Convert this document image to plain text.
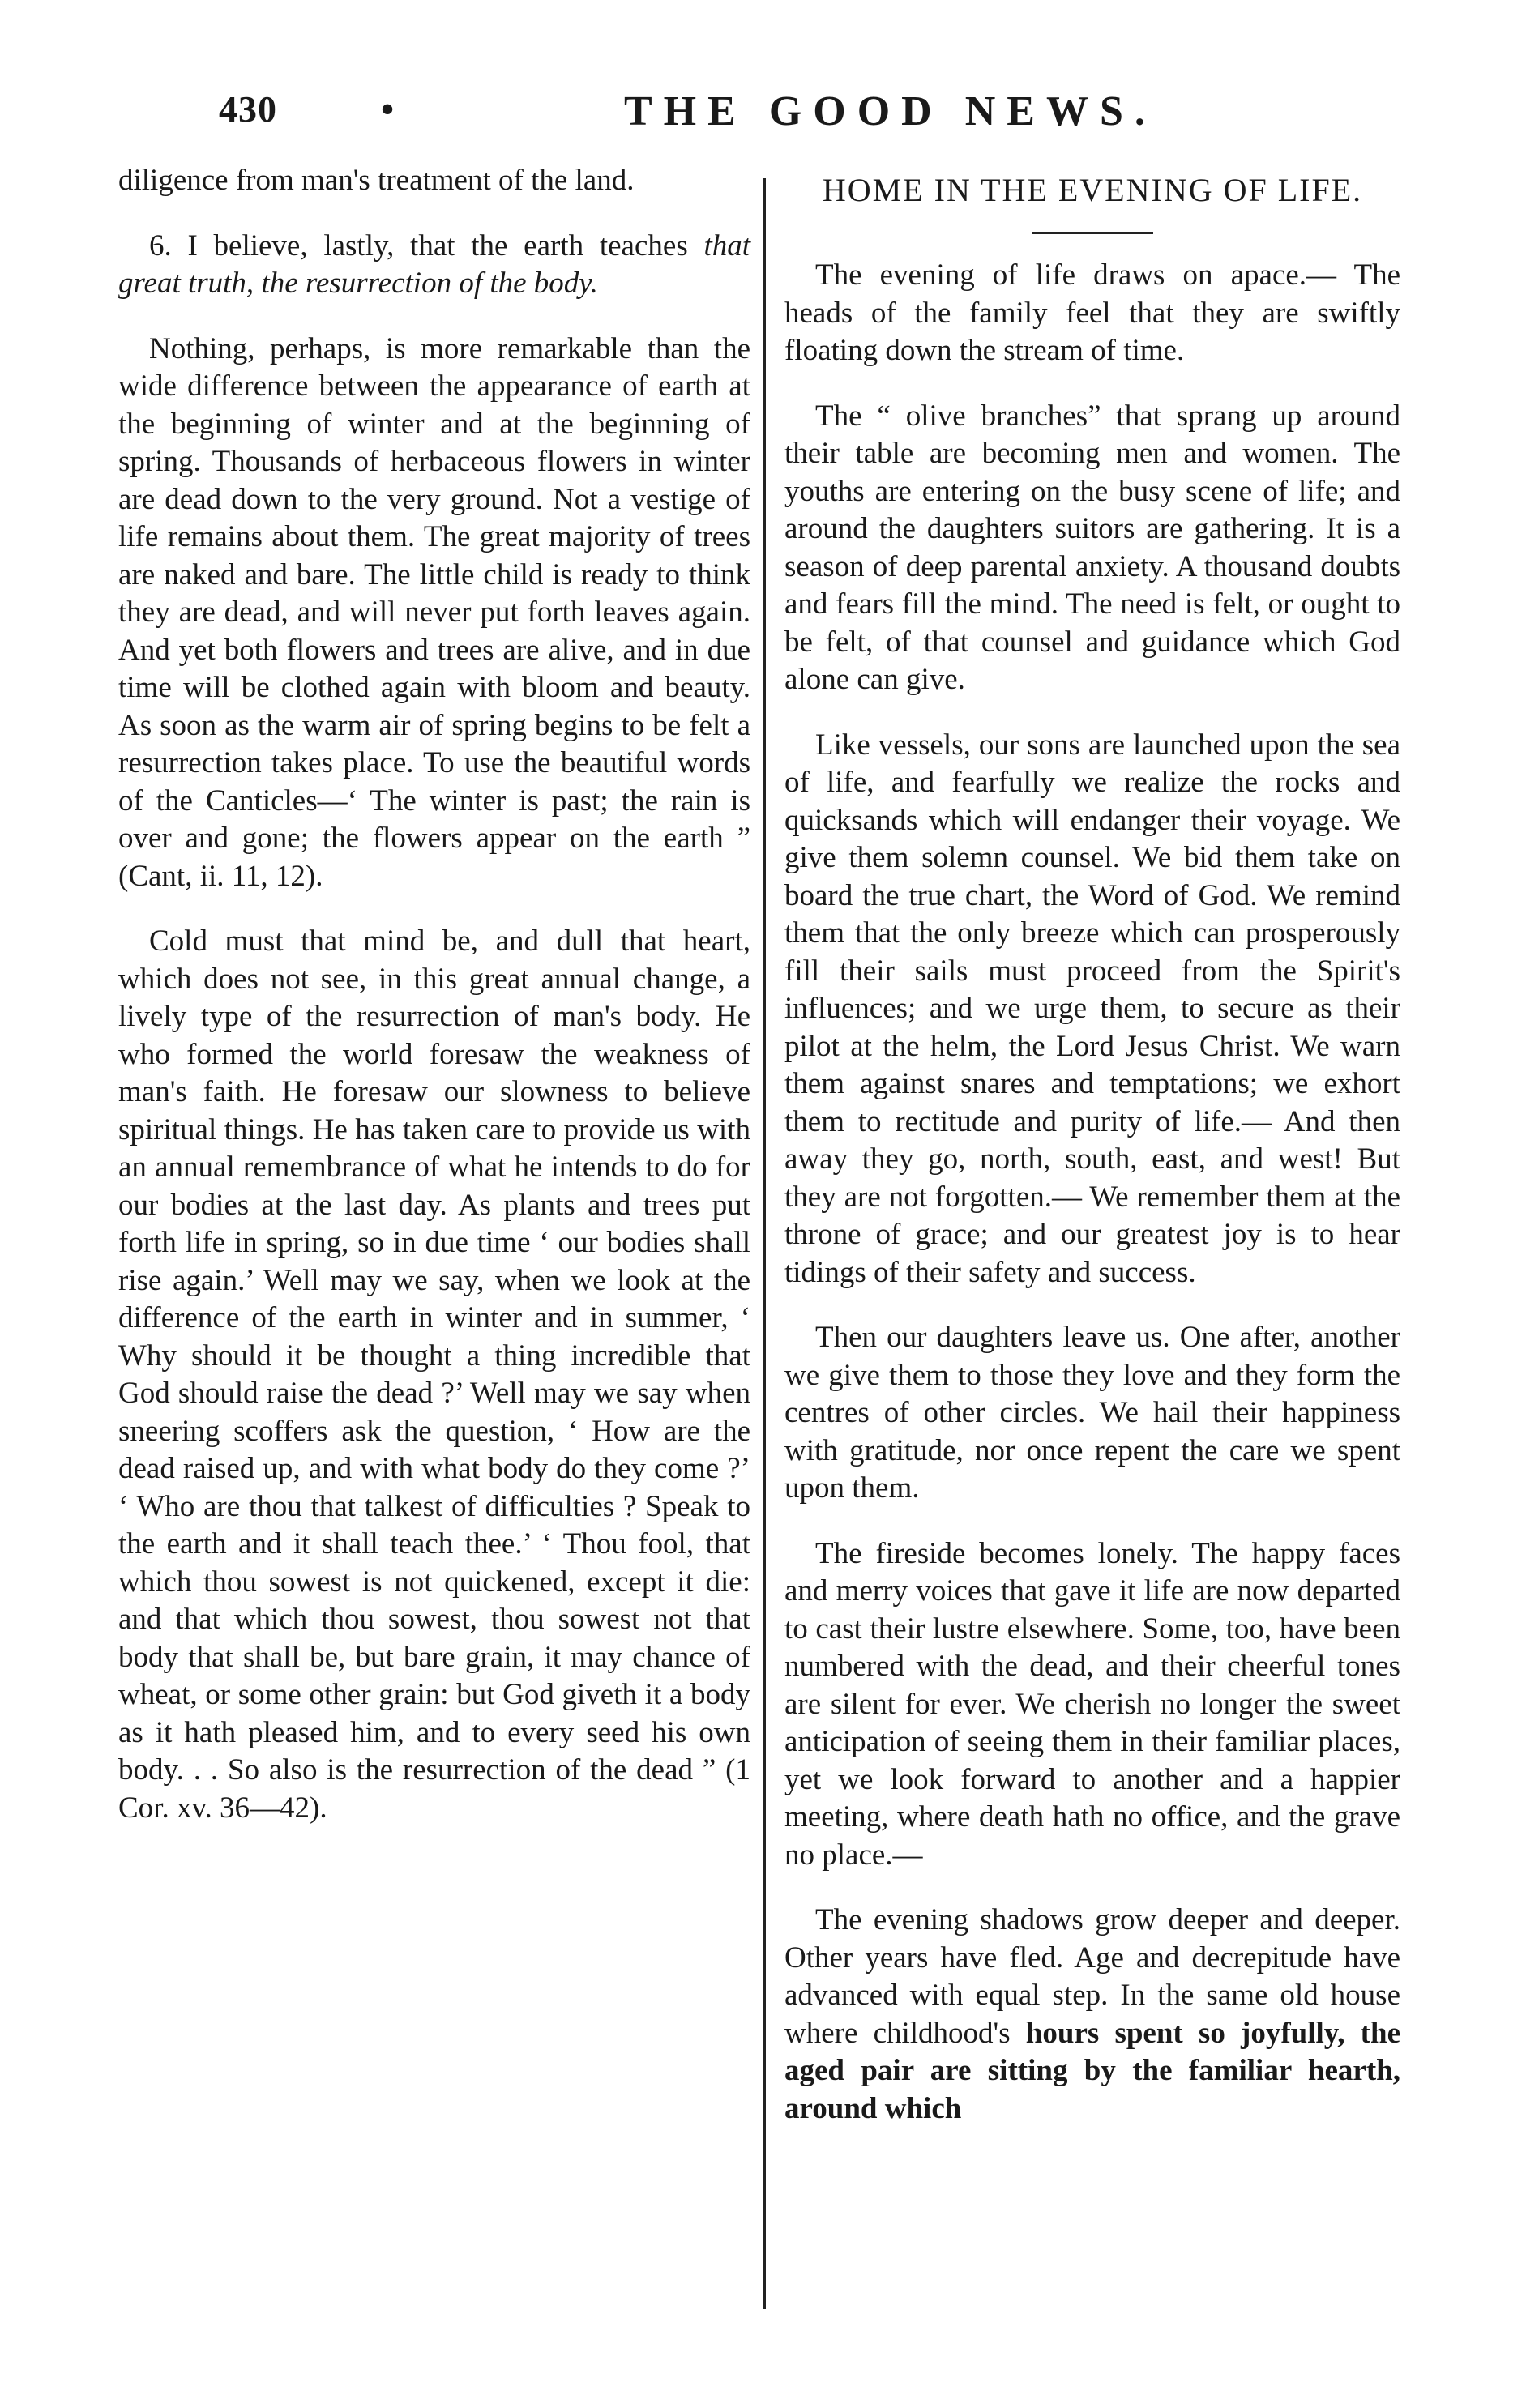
430	•	THE GOOD NEWS.

diligence from man's treatment of the land.

6. I believe, lastly, that the earth teaches that great truth, the resurrection of the body.

Nothing, perhaps, is more remarkable than the wide difference between the appearance of earth at the beginning of winter and at the beginning of spring. Thousands of herbaceous flowers in winter are dead down to the very ground. Not a vestige of life remains about them. The great majority of trees are naked and bare. The little child is ready to think they are dead, and will never put forth leaves again. And yet both flowers and trees are alive, and in due time will be clothed again with bloom and beauty. As soon as the warm air of spring begins to be felt a resurrection takes place. To use the beautiful words of the Canticles—‘ The winter is past; the rain is over and gone; the flowers appear on the earth ” (Cant, ii. 11, 12).

Cold must that mind be, and dull that heart, which does not see, in this great annual change, a lively type of the resurrection of man's body. He who formed the world foresaw the weakness of man's faith. He foresaw our slowness to believe spiritual things. He has taken care to provide us with an annual remembrance of what he intends to do for our bodies at the last day. As plants and trees put forth life in spring, so in due time ‘ our bodies shall rise again.’ Well may we say, when we look at the difference of the earth in winter and in summer, ‘ Why should it be thought a thing incredible that God should raise the dead ?’ Well may we say when sneering scoffers ask the question, ‘ How are the dead raised up, and with what body do they come ?’ ‘ Who are thou that talkest of difficulties ? Speak to the earth and it shall teach thee.’ ‘ Thou fool, that which thou sowest is not quickened, except it die: and that which thou sowest, thou sowest not that body that shall be, but bare grain, it may chance of wheat, or some other grain: but God giveth it a body as it hath pleased him, and to every seed his own body. . . So also is the resurrection of the dead ” (1 Cor. xv. 36—42).

HOME IN THE EVENING OF LIFE.

The evening of life draws on apace.— The heads of the family feel that they are swiftly floating down the stream of time.

The “ olive branches” that sprang up around their table are becoming men and women. The youths are entering on the busy scene of life; and around the daughters suitors are gathering. It is a season of deep parental anxiety. A thousand doubts and fears fill the mind. The need is felt, or ought to be felt, of that counsel and guidance which God alone can give.

Like vessels, our sons are launched upon the sea of life, and fearfully we realize the rocks and quicksands which will endanger their voyage. We give them solemn counsel. We bid them take on board the true chart, the Word of God. We remind them that the only breeze which can prosperously fill their sails must proceed from the Spirit's influences; and we urge them, to secure as their pilot at the helm, the Lord Jesus Christ. We warn them against snares and temptations; we exhort them to rectitude and purity of life.— And then away they go, north, south, east, and west! But they are not forgotten.— We remember them at the throne of grace; and our greatest joy is to hear tidings of their safety and success.

Then our daughters leave us. One after, another we give them to those they love and they form the centres of other circles. We hail their happiness with gratitude, nor once repent the care we spent upon them.

The fireside becomes lonely. The happy faces and merry voices that gave it life are now departed to cast their lustre elsewhere. Some, too, have been numbered with the dead, and their cheerful tones are silent for ever. We cherish no longer the sweet anticipation of seeing them in their familiar places, yet we look forward to another and a happier meeting, where death hath no office, and the grave no place.—

The evening shadows grow deeper and deeper. Other years have fled. Age and decrepitude have advanced with equal step. In the same old house where childhood's hours spent so joyfully, the aged pair are sitting by the familiar hearth, around which
